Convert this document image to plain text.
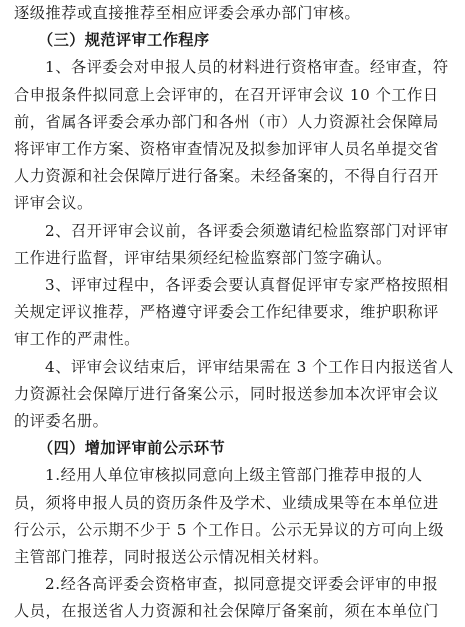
逐级推荐或直接推荐至相应评委会承办部门审核。
（三）规范评审工作程序
1、各评委会对申报人员的材料进行资格审查。经审查，符
合申报条件拟同意上会评审的，在召开评审会议 10 个工作日
前，省属各评委会承办部门和各州（市）人力资源社会保障局
将评审工作方案、资格审查情况及拟参加评审人员名单提交省
人力资源和社会保障厅进行备案。未经备案的，不得自行召开
评审会议。
2、召开评审会议前，各评委会须邀请纪检监察部门对评审
工作进行监督，评审结果须经纪检监察部门签字确认。
3、评审过程中，各评委会要认真督促评审专家严格按照相
关规定评议推荐，严格遵守评委会工作纪律要求，维护职称评
审工作的严肃性。
4、评审会议结束后，评审结果需在 3 个工作日内报送省人
力资源社会保障厅进行备案公示，同时报送参加本次评审会议
的评委名册。
（四）增加评审前公示环节
1.经用人单位审核拟同意向上级主管部门推荐申报的人
员，须将申报人员的资历条件及学术、业绩成果等在本单位进
行公示，公示期不少于 5 个工作日。公示无异议的方可向上级
主管部门推荐，同时报送公示情况相关材料。
2.经各高评委会资格审查，拟同意提交评委会评审的申报
人员，在报送省人力资源和社会保障厅备案前，须在本单位门
